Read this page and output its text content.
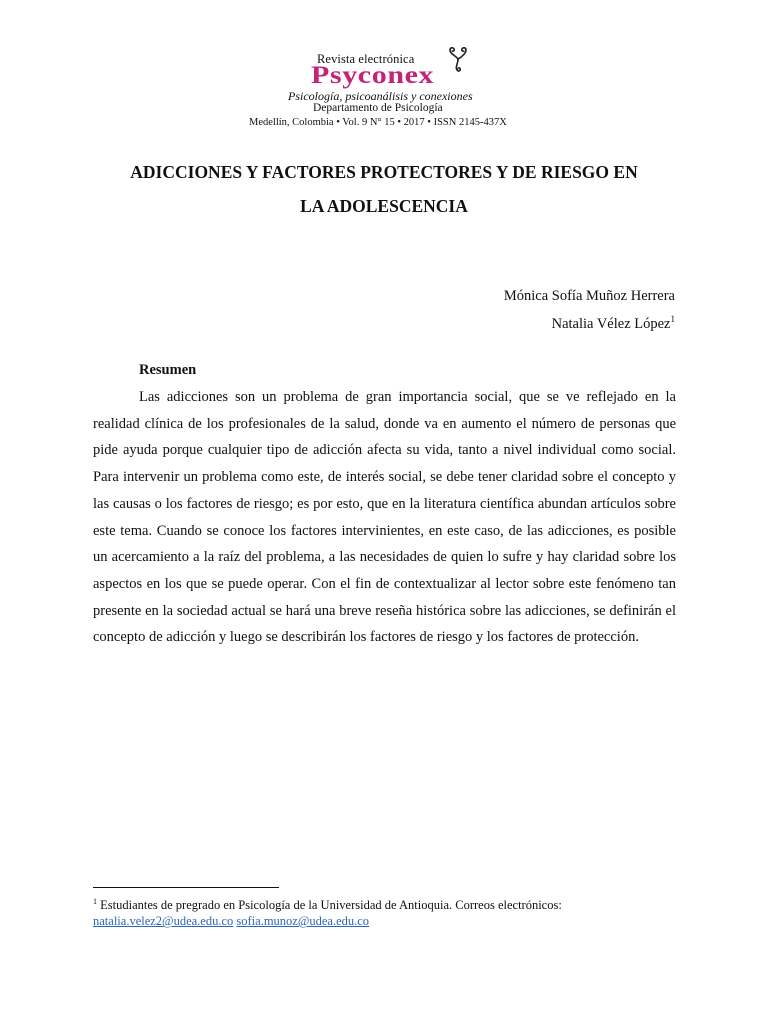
Revista electrónica
Psyconex
Psicología, psicoanálisis y conexiones
Departamento de Psicología
Medellín, Colombia • Vol. 9 N° 15 • 2017 • ISSN 2145-437X
ADICCIONES Y FACTORES PROTECTORES Y DE RIESGO EN
LA ADOLESCENCIA
Mónica Sofía Muñoz Herrera
Natalia Vélez López$^1$
Resumen

Las adicciones son un problema de gran importancia social, que se ve reflejado en la realidad clínica de los profesionales de la salud, donde va en aumento el número de personas que pide ayuda porque cualquier tipo de adicción afecta su vida, tanto a nivel individual como social. Para intervenir un problema como este, de interés social, se debe tener claridad sobre el concepto y las causas o los factores de riesgo; es por esto, que en la literatura científica abundan artículos sobre este tema. Cuando se conoce los factores intervinientes, en este caso, de las adicciones, es posible un acercamiento a la raíz del problema, a las necesidades de quien lo sufre y hay claridad sobre los aspectos en los que se puede operar. Con el fin de contextualizar al lector sobre este fenómeno tan presente en la sociedad actual se hará una breve reseña histórica sobre las adicciones, se definirán el concepto de adicción y luego se describirán los factores de riesgo y los factores de protección.

$^1$ Estudiantes de pregrado en Psicología de la Universidad de Antioquia. Correos electrónicos:
natalia.velez2@udea.edu.co sofia.munoz@udea.edu.co
